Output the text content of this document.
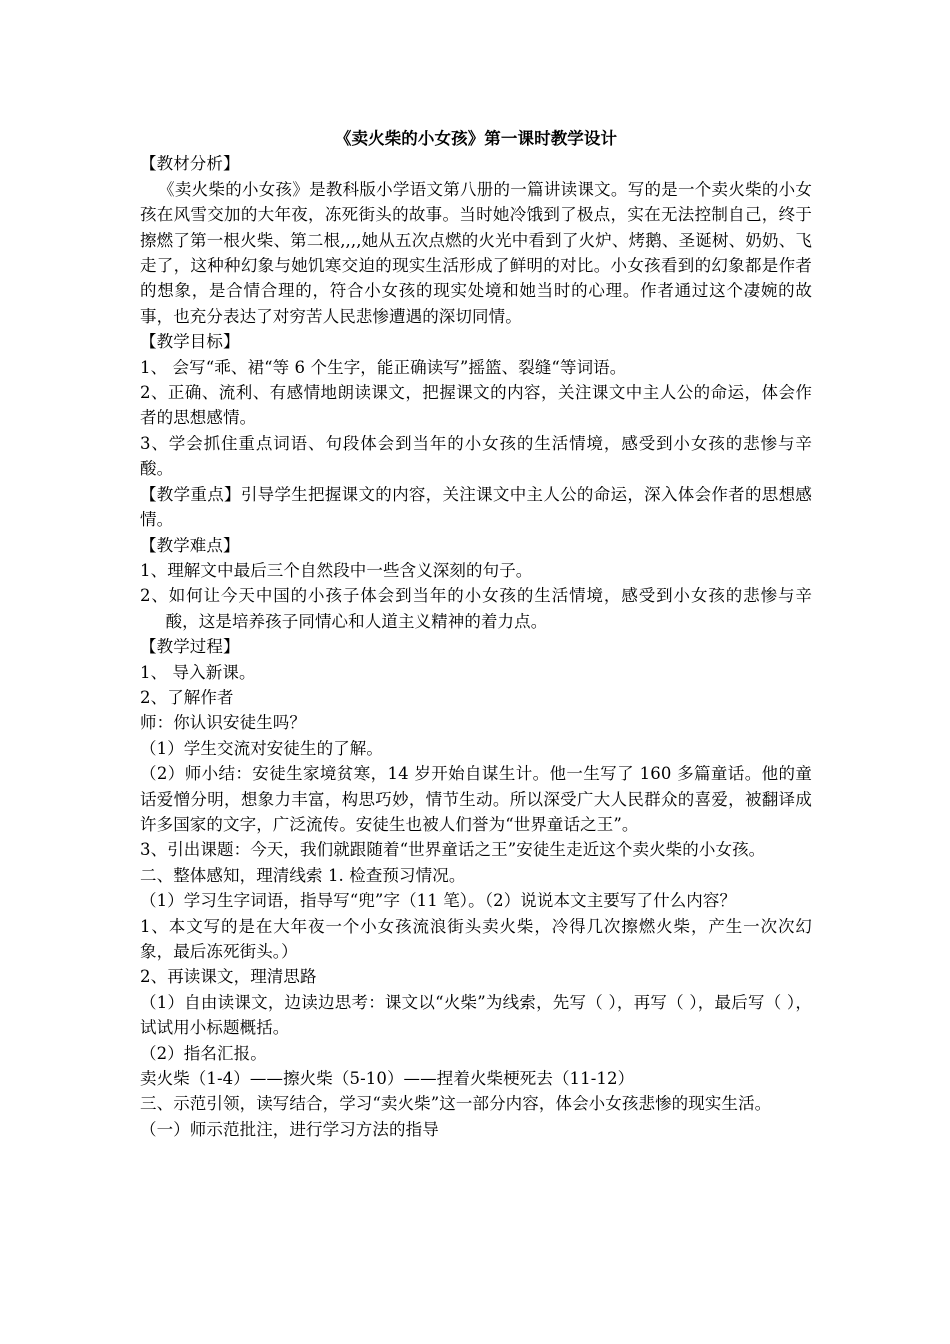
《卖火柴的小女孩》第一课时教学设计

【教材分析】

《卖火柴的小女孩》是教科版小学语文第八册的一篇讲读课文。写的是一个卖火柴的小女孩在风雪交加的大年夜，冻死街头的故事。当时她冷饿到了极点，实在无法控制自己，终于擦燃了第一根火柴、第二根,,,,她从五次点燃的火光中看到了火炉、烤鹅、圣诞树、奶奶、飞走了，这种种幻象与她饥寒交迫的现实生活形成了鲜明的对比。小女孩看到的幻象都是作者的想象，是合情合理的，符合小女孩的现实处境和她当时的心理。作者通过这个凄婉的故事，也充分表达了对穷苦人民悲惨遭遇的深切同情。

【教学目标】

1、 会写“乖、裙“等 6 个生字，能正确读写”摇篮、裂缝“等词语。

2、正确、流利、有感情地朗读课文，把握课文的内容，关注课文中主人公的命运，体会作者的思想感情。

3、学会抓住重点词语、句段体会到当年的小女孩的生活情境，感受到小女孩的悲惨与辛酸。

【教学重点】引导学生把握课文的内容，关注课文中主人公的命运，深入体会作者的思想感情。

【教学难点】

1、理解文中最后三个自然段中一些含义深刻的句子。

2、如何让今天中国的小孩子体会到当年的小女孩的生活情境，感受到小女孩的悲惨与辛酸，这是培养孩子同情心和人道主义精神的着力点。

【教学过程】

1、 导入新课。

2、了解作者

师：你认识安徒生吗？

（1）学生交流对安徒生的了解。

（2）师小结：安徒生家境贫寒，14 岁开始自谋生计。他一生写了 160 多篇童话。他的童话爱憎分明，想象力丰富，构思巧妙，情节生动。所以深受广大人民群众的喜爱，被翻译成许多国家的文字，广泛流传。安徒生也被人们誉为“世界童话之王”。

3、引出课题：今天，我们就跟随着“世界童话之王”安徒生走近这个卖火柴的小女孩。

二、整体感知，理清线索 1. 检查预习情况。

（1）学习生字词语，指导写“兜”字（11 笔）。（2）说说本文主要写了什么内容？

1、本文写的是在大年夜一个小女孩流浪街头卖火柴，冷得几次擦燃火柴，产生一次次幻象，最后冻死街头。）

2、再读课文，理清思路

（1）自由读课文，边读边思考：课文以“火柴”为线索，先写（ ），再写（ ），最后写（ ），试试用小标题概括。

（2）指名汇报。

卖火柴（1-4）——擦火柴（5-10）——捏着火柴梗死去（11-12）

三、示范引领，读写结合，学习“卖火柴”这一部分内容，体会小女孩悲惨的现实生活。

（一）师示范批注，进行学习方法的指导
